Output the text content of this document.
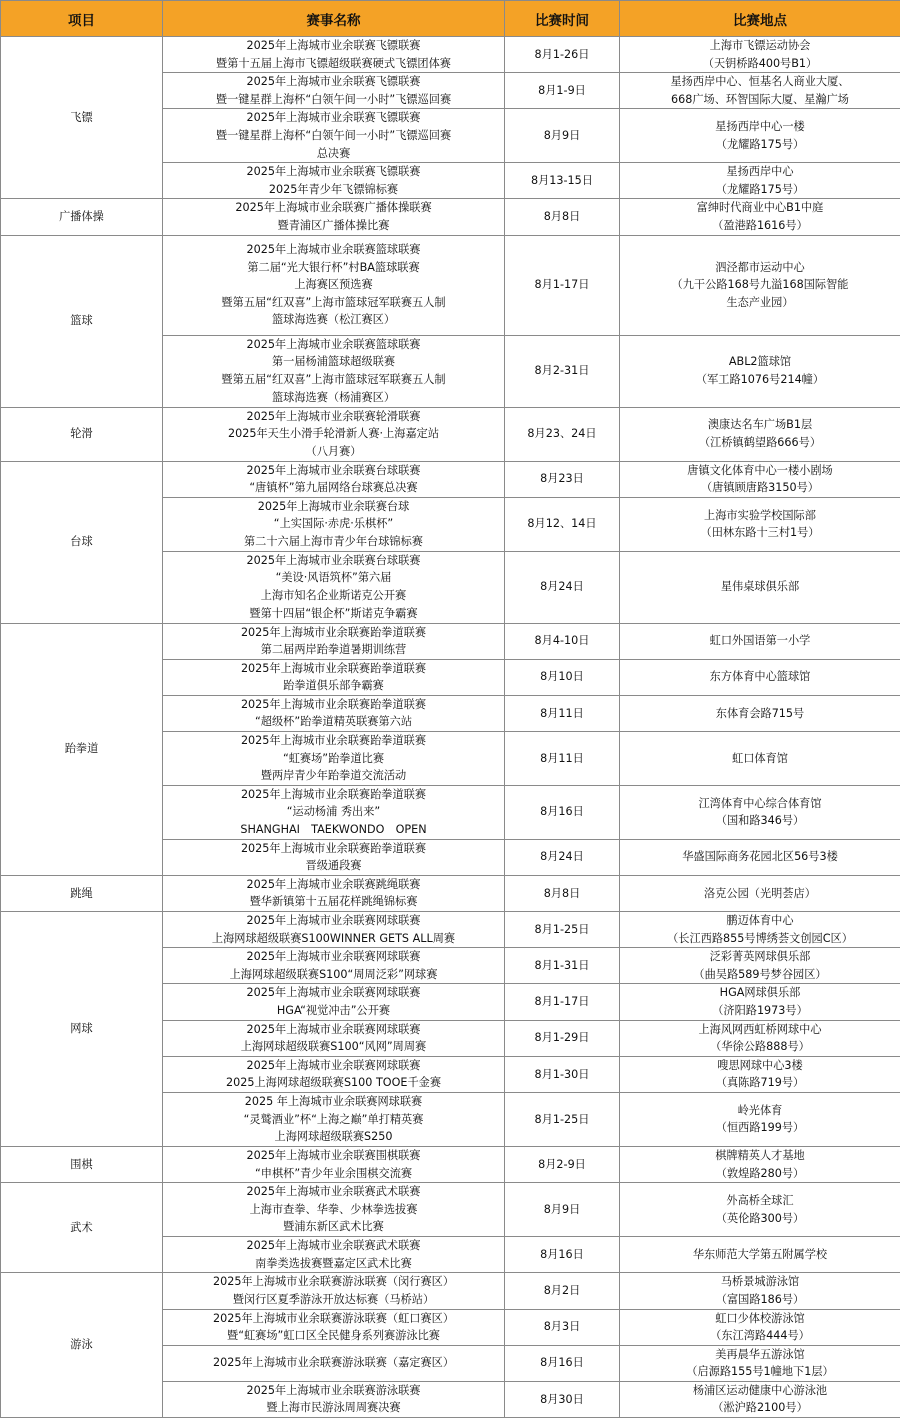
项目	赛事名称	比赛时间	比赛地点
飞镖	2025年上海城市业余联赛飞镖联赛
暨第十五届上海市飞镖超级联赛硬式飞镖团体赛	8月1-26日	上海市飞镖运动协会
（天钥桥路400号B1）

	2025年上海城市业余联赛飞镖联赛
暨一键星群上海杯“白领午间一小时”飞镖巡回赛	8月1-9日	星扬西岸中心、恒基名人商业大厦、
668广场、环智国际大厦、星瀚广场

	2025年上海城市业余联赛飞镖联赛
暨一键星群上海杯“白领午间一小时”飞镖巡回赛
总决赛	8月9日	星扬西岸中心一楼
（龙耀路175号）

	2025年上海城市业余联赛飞镖联赛
2025年青少年飞镖锦标赛	8月13-15日	星扬西岸中心
（龙耀路175号）

广播体操	2025年上海城市业余联赛广播体操联赛
暨青浦区广播体操比赛	8月8日	富绅时代商业中心B1中庭
（盈港路1616号）

篮球	2025年上海城市业余联赛篮球联赛
第二届“光大银行杯”村BA篮球联赛
上海赛区预选赛
暨第五届“红双喜”上海市篮球冠军联赛五人制
篮球海选赛（松江赛区）	8月1-17日	泗泾都市运动中心
（九干公路168号九溢168国际智能
生态产业园）

	2025年上海城市业余联赛篮球联赛
第一届杨浦篮球超级联赛
暨第五届“红双喜”上海市篮球冠军联赛五人制
篮球海选赛（杨浦赛区）	8月2-31日	ABL2篮球馆
（军工路1076号214幢）

轮滑	2025年上海城市业余联赛轮滑联赛
2025年天生小滑手轮滑新人赛·上海嘉定站
（八月赛）	8月23、24日	澳康达名车广场B1层
（江桥镇鹤望路666号）

台球	2025年上海城市业余联赛台球联赛
“唐镇杯”第九届网络台球赛总决赛	8月23日	唐镇文化体育中心一楼小剧场
（唐镇顾唐路3150号）

	2025年上海城市业余联赛台球
“上实国际·赤虎·乐棋杯”
第二十六届上海市青少年台球锦标赛	8月12、14日	上海市实验学校国际部
（田林东路十三村1号）

	2025年上海城市业余联赛台球联赛
“美设·风语筑杯”第六届
上海市知名企业斯诺克公开赛
暨第十四届“银企杯”斯诺克争霸赛	8月24日	星伟桌球俱乐部

跆拳道	2025年上海城市业余联赛跆拳道联赛
第二届两岸跆拳道暑期训练营	8月4-10日	虹口外国语第一小学

	2025年上海城市业余联赛跆拳道联赛
跆拳道俱乐部争霸赛	8月10日	东方体育中心篮球馆

	2025年上海城市业余联赛跆拳道联赛
“超级杯”跆拳道精英联赛第六站	8月11日	东体育会路715号

	2025年上海城市业余联赛跆拳道联赛
“虹赛场”跆拳道比赛
暨两岸青少年跆拳道交流活动	8月11日	虹口体育馆

	2025年上海城市业余联赛跆拳道联赛
“运动杨浦 秀出来”
SHANGHAI　TAEKWONDO　OPEN	8月16日	江湾体育中心综合体育馆
（国和路346号）

	2025年上海城市业余联赛跆拳道联赛
晋级通段赛	8月24日	华盛国际商务花园北区56号3楼

跳绳	2025年上海城市业余联赛跳绳联赛
暨华新镇第十五届花样跳绳锦标赛	8月8日	洛克公园（光明荟店）

网球	2025年上海城市业余联赛网球联赛
上海网球超级联赛S100WINNER GETS ALL周赛	8月1-25日	鹏迈体育中心
（长江西路855号博绣荟文创园C区）

	2025年上海城市业余联赛网球联赛
上海网球超级联赛S100“周周泛彩”网球赛	8月1-31日	泛彩菁英网球俱乐部
（曲吴路589号梦谷园区）

	2025年上海城市业余联赛网球联赛
HGA“视觉冲击”公开赛	8月1-17日	HGA网球俱乐部
（济阳路1973号）

	2025年上海城市业余联赛网球联赛
上海网球超级联赛S100“风网”周周赛	8月1-29日	上海风网西虹桥网球中心
（华徐公路888号）

	2025年上海城市业余联赛网球联赛
2025上海网球超级联赛S100 TOOE千金赛	8月1-30日	嗖思网球中心3楼
（真陈路719号）

	2025 年上海城市业余联赛网球联赛
“灵鹫酒业”杯“上海之巅”单打精英赛
上海网球超级联赛S250	8月1-25日	岭光体育
（恒西路199号）

围棋	2025年上海城市业余联赛围棋联赛
“申棋杯”青少年业余围棋交流赛	8月2-9日	棋牌精英人才基地
（敦煌路280号）

武术	2025年上海城市业余联赛武术联赛
上海市查拳、华拳、少林拳选拔赛
暨浦东新区武术比赛	8月9日	外高桥全球汇
（英伦路300号）

	2025年上海城市业余联赛武术联赛
南拳类选拔赛暨嘉定区武术比赛	8月16日	华东师范大学第五附属学校

游泳	2025年上海城市业余联赛游泳联赛（闵行赛区）
暨闵行区夏季游泳开放达标赛（马桥站）	8月2日	马桥景城游泳馆
（富国路186号）

	2025年上海城市业余联赛游泳联赛（虹口赛区）
暨“虹赛场”虹口区全民健身系列赛游泳比赛	8月3日	虹口少体校游泳馆
（东江湾路444号）

	2025年上海城市业余联赛游泳联赛（嘉定赛区）	8月16日	美再晨华五游泳馆
（启源路155号1幢地下1层）

	2025年上海城市业余联赛游泳联赛
暨上海市民游泳周周赛决赛	8月30日	杨浦区运动健康中心游泳池
（淞沪路2100号）
